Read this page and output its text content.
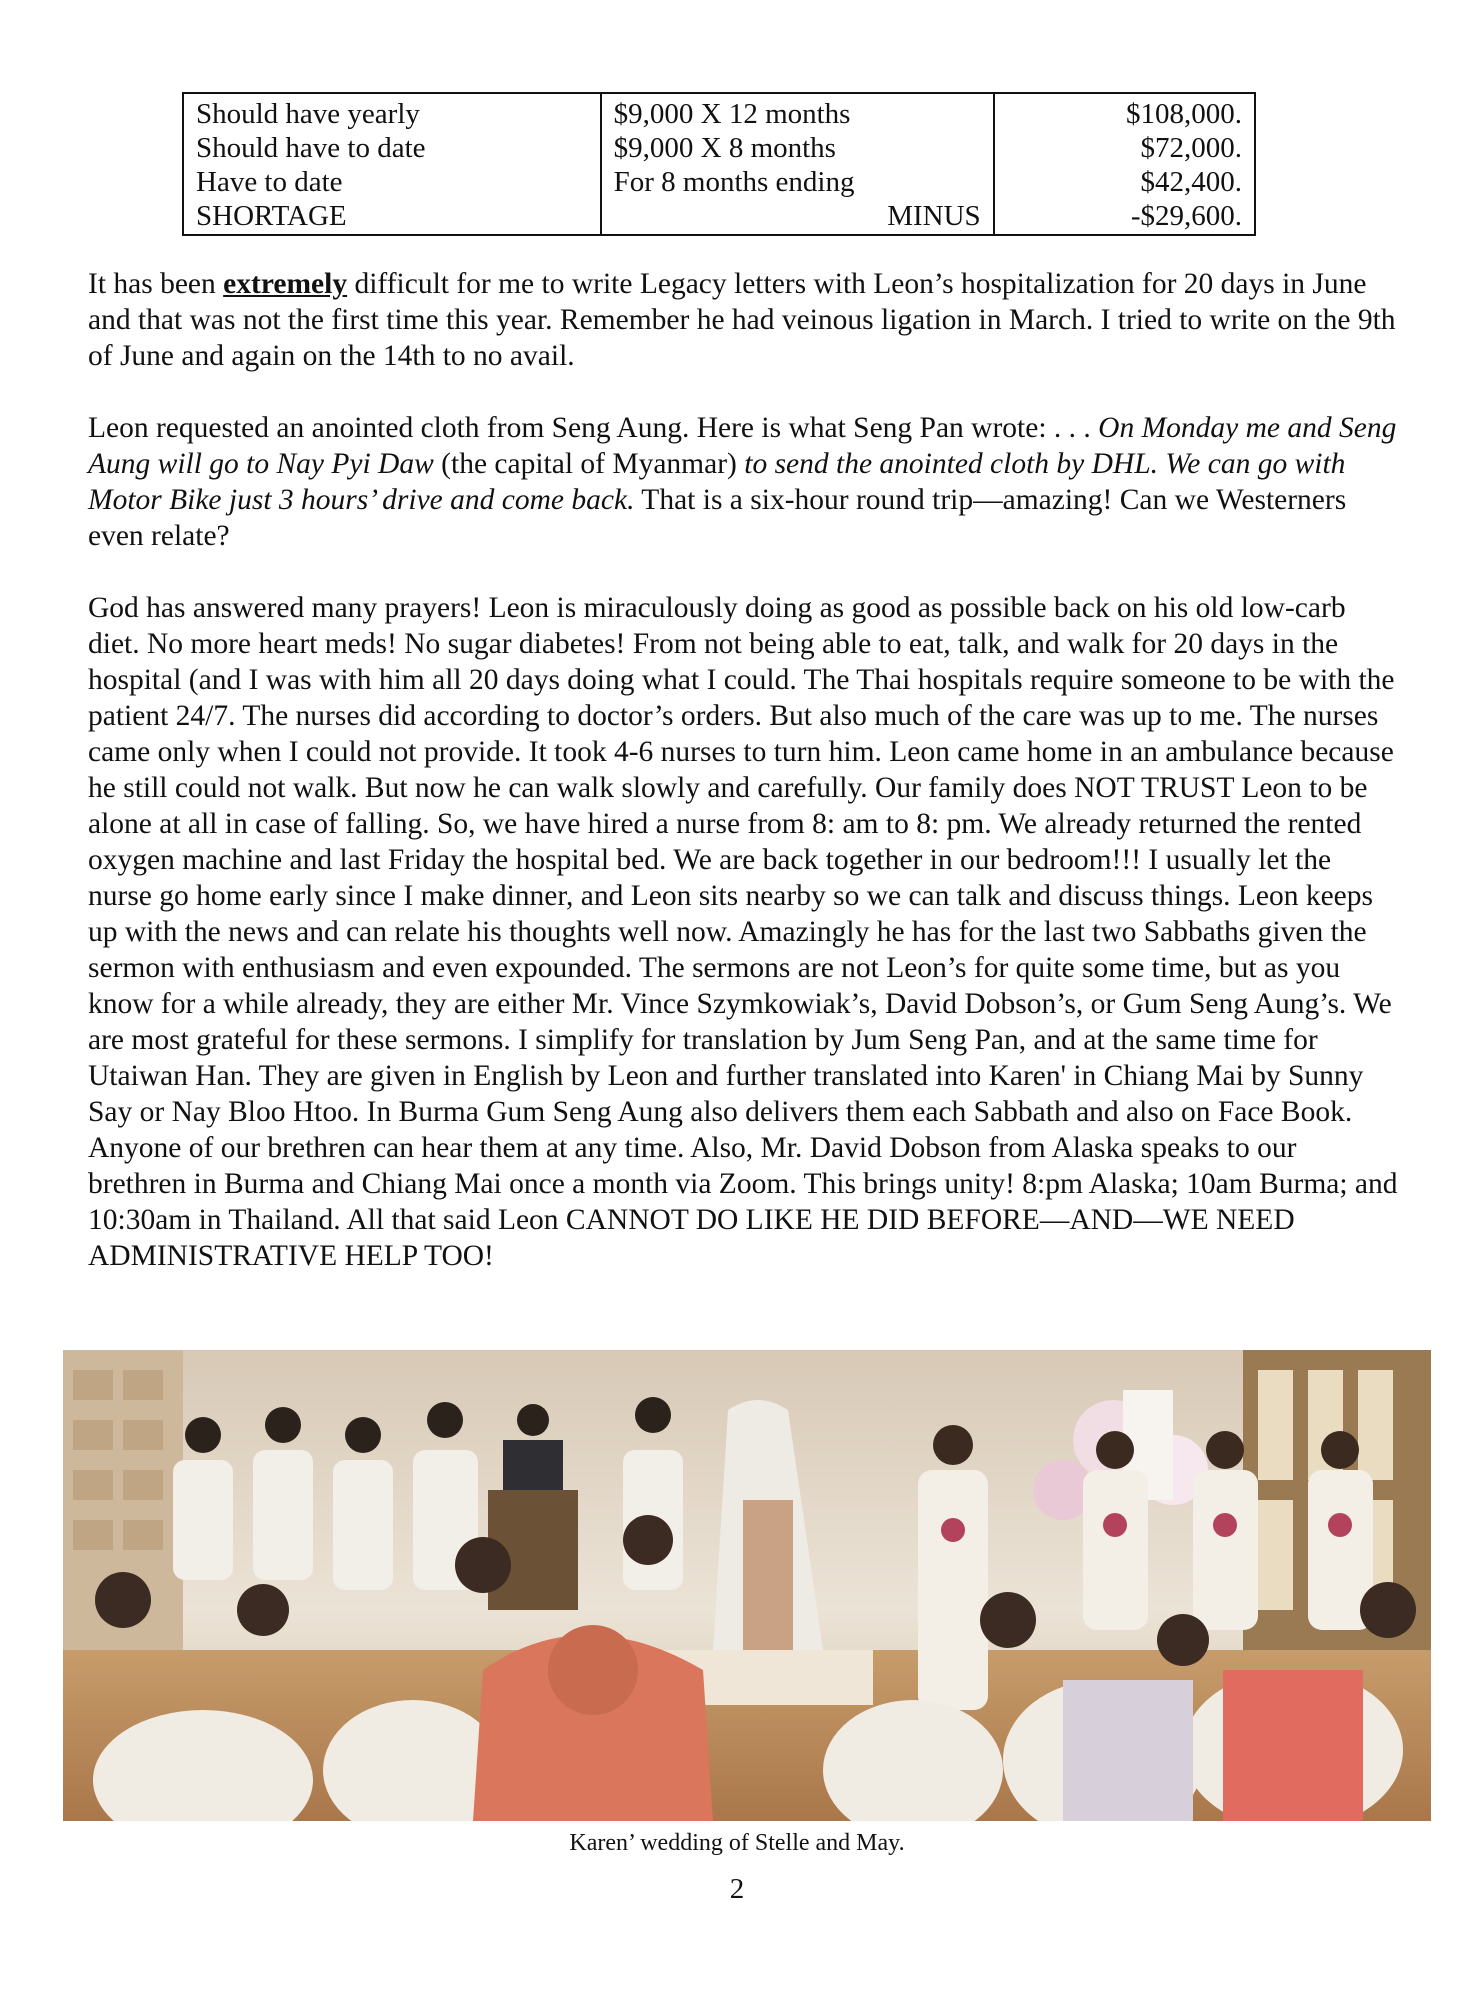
Should have yearly	$9,000 X 12 months	$108,000.
Should have to date	$9,000 X 8 months	$72,000.
Have to date	For 8 months ending	$42,400.
SHORTAGE	MINUS	-$29,600.

It has been extremely difficult for me to write Legacy letters with Leon’s hospitalization for 20 days in June and that was not the first time this year. Remember he had veinous ligation in March. I tried to write on the 9th of June and again on the 14th to no avail.

Leon requested an anointed cloth from Seng Aung. Here is what Seng Pan wrote: . . . On Monday me and Seng Aung will go to Nay Pyi Daw (the capital of Myanmar) to send the anointed cloth by DHL. We can go with Motor Bike just 3 hours’ drive and come back. That is a six-hour round trip—amazing! Can we Westerners even relate?

God has answered many prayers! Leon is miraculously doing as good as possible back on his old low-carb diet. No more heart meds! No sugar diabetes! From not being able to eat, talk, and walk for 20 days in the hospital (and I was with him all 20 days doing what I could. The Thai hospitals require someone to be with the patient 24/7. The nurses did according to doctor’s orders. But also much of the care was up to me. The nurses came only when I could not provide. It took 4-6 nurses to turn him. Leon came home in an ambulance because he still could not walk. But now he can walk slowly and carefully. Our family does NOT TRUST Leon to be alone at all in case of falling. So, we have hired a nurse from 8: am to 8: pm. We already returned the rented oxygen machine and last Friday the hospital bed. We are back together in our bedroom!!! I usually let the nurse go home early since I make dinner, and Leon sits nearby so we can talk and discuss things. Leon keeps up with the news and can relate his thoughts well now. Amazingly he has for the last two Sabbaths given the sermon with enthusiasm and even expounded. The sermons are not Leon’s for quite some time, but as you know for a while already, they are either Mr. Vince Szymkowiak’s, David Dobson’s, or Gum Seng Aung’s. We are most grateful for these sermons. I simplify for translation by Jum Seng Pan, and at the same time for Utaiwan Han. They are given in English by Leon and further translated into Karen' in Chiang Mai by Sunny Say or Nay Bloo Htoo. In Burma Gum Seng Aung also delivers them each Sabbath and also on Face Book. Anyone of our brethren can hear them at any time. Also, Mr. David Dobson from Alaska speaks to our brethren in Burma and Chiang Mai once a month via Zoom. This brings unity! 8:pm Alaska; 10am Burma; and 10:30am in Thailand. All that said Leon CANNOT DO LIKE HE DID BEFORE—AND—WE NEED ADMINISTRATIVE HELP TOO!

Karen’ wedding of Stelle and May.
2
